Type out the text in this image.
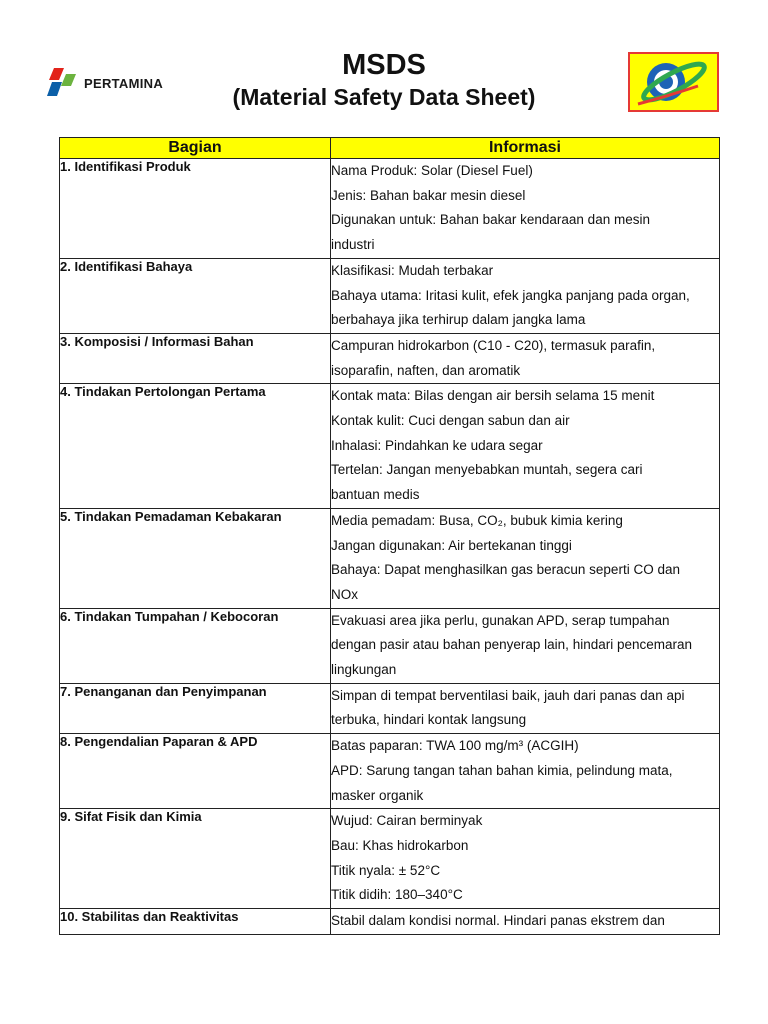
PERTAMINA
MSDS
(Material Safety Data Sheet)
Bagian	Informasi
1. Identifikasi Produk	Nama Produk: Solar (Diesel Fuel)
Jenis: Bahan bakar mesin diesel
Digunakan untuk: Bahan bakar kendaraan dan mesin
industri

2. Identifikasi Bahaya	Klasifikasi: Mudah terbakar
Bahaya utama: Iritasi kulit, efek jangka panjang pada organ,
berbahaya jika terhirup dalam jangka lama

3. Komposisi / Informasi Bahan	Campuran hidrokarbon (C10 - C20), termasuk parafin,
isoparafin, naften, dan aromatik

4. Tindakan Pertolongan Pertama	Kontak mata: Bilas dengan air bersih selama 15 menit
Kontak kulit: Cuci dengan sabun dan air
Inhalasi: Pindahkan ke udara segar
Tertelan: Jangan menyebabkan muntah, segera cari
bantuan medis

5. Tindakan Pemadaman Kebakaran	Media pemadam: Busa, CO₂, bubuk kimia kering
Jangan digunakan: Air bertekanan tinggi
Bahaya: Dapat menghasilkan gas beracun seperti CO dan
NOx

6. Tindakan Tumpahan / Kebocoran	Evakuasi area jika perlu, gunakan APD, serap tumpahan
dengan pasir atau bahan penyerap lain, hindari pencemaran
lingkungan

7. Penanganan dan Penyimpanan	Simpan di tempat berventilasi baik, jauh dari panas dan api
terbuka, hindari kontak langsung

8. Pengendalian Paparan & APD	Batas paparan: TWA 100 mg/m³ (ACGIH)
APD: Sarung tangan tahan bahan kimia, pelindung mata,
masker organik

9. Sifat Fisik dan Kimia	Wujud: Cairan berminyak
Bau: Khas hidrokarbon
Titik nyala: ± 52°C
Titik didih: 180–340°C

10. Stabilitas dan Reaktivitas	Stabil dalam kondisi normal. Hindari panas ekstrem dan
